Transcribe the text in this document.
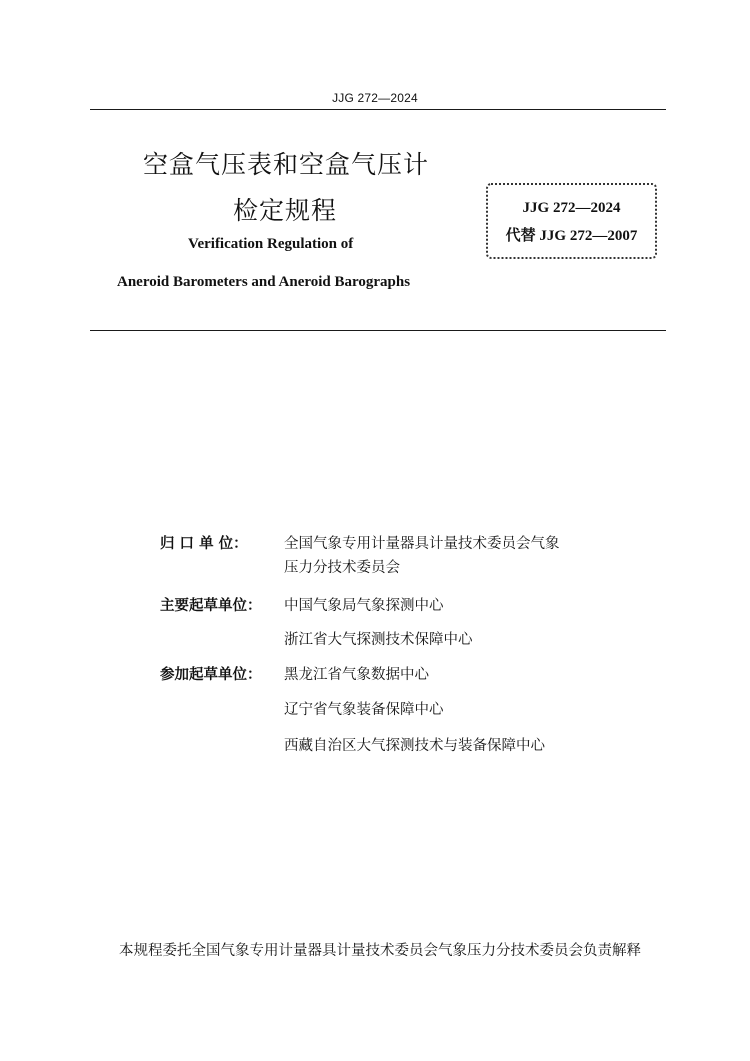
JJG 272—2024
空盒气压表和空盒气压计
检定规程
Verification Regulation of
Aneroid Barometers and Aneroid Barographs
JJG 272—2024
代替 JJG 272—2007
归 口 单 位：	全国气象专用计量器具计量技术委员会气象
压力分技术委员会
主要起草单位：	中国气象局气象探测中心
浙江省大气探测技术保障中心
参加起草单位：	黑龙江省气象数据中心
辽宁省气象装备保障中心
西藏自治区大气探测技术与装备保障中心
本规程委托全国气象专用计量器具计量技术委员会气象压力分技术委员会负责解释
